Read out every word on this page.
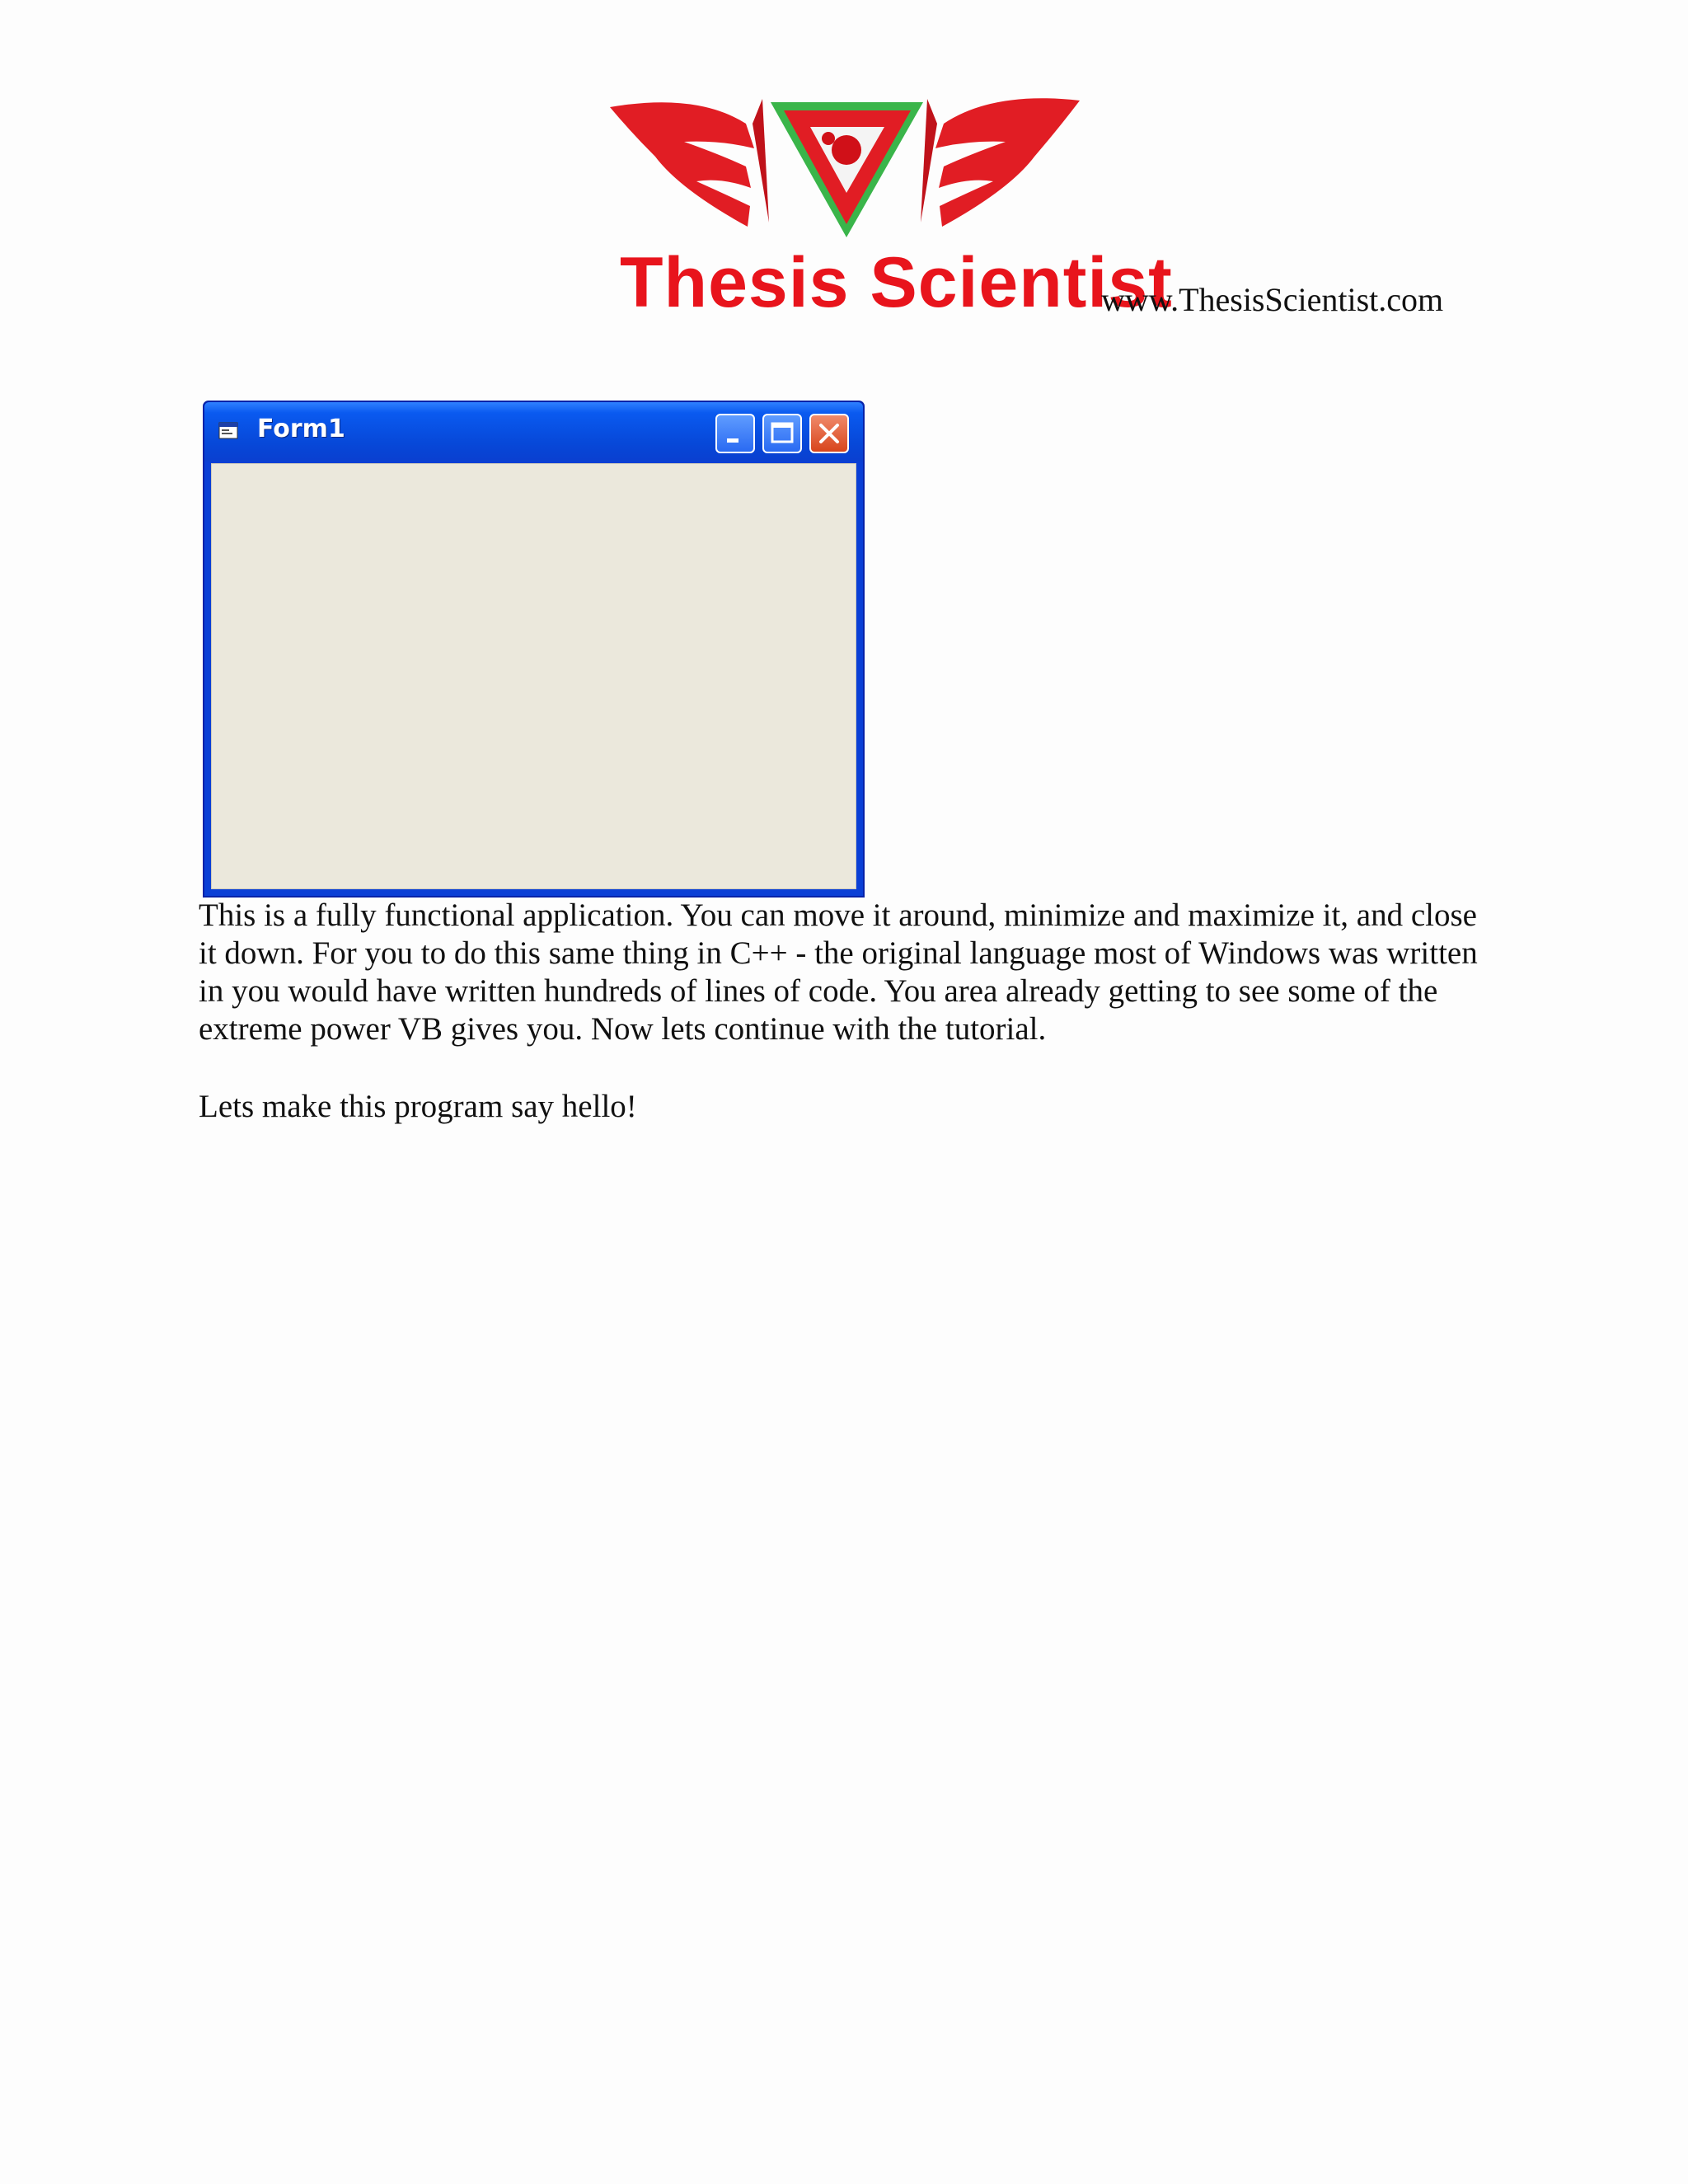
Thesis Scientist
www.ThesisScientist.com
Form1

This is a fully functional application. You can move it around, minimize and maximize it, and close it down. For you to do this same thing in C++ - the original language most of Windows was written in you would have written hundreds of lines of code. You area already getting to see some of the extreme power VB gives you. Now lets continue with the tutorial.

Lets make this program say hello!
